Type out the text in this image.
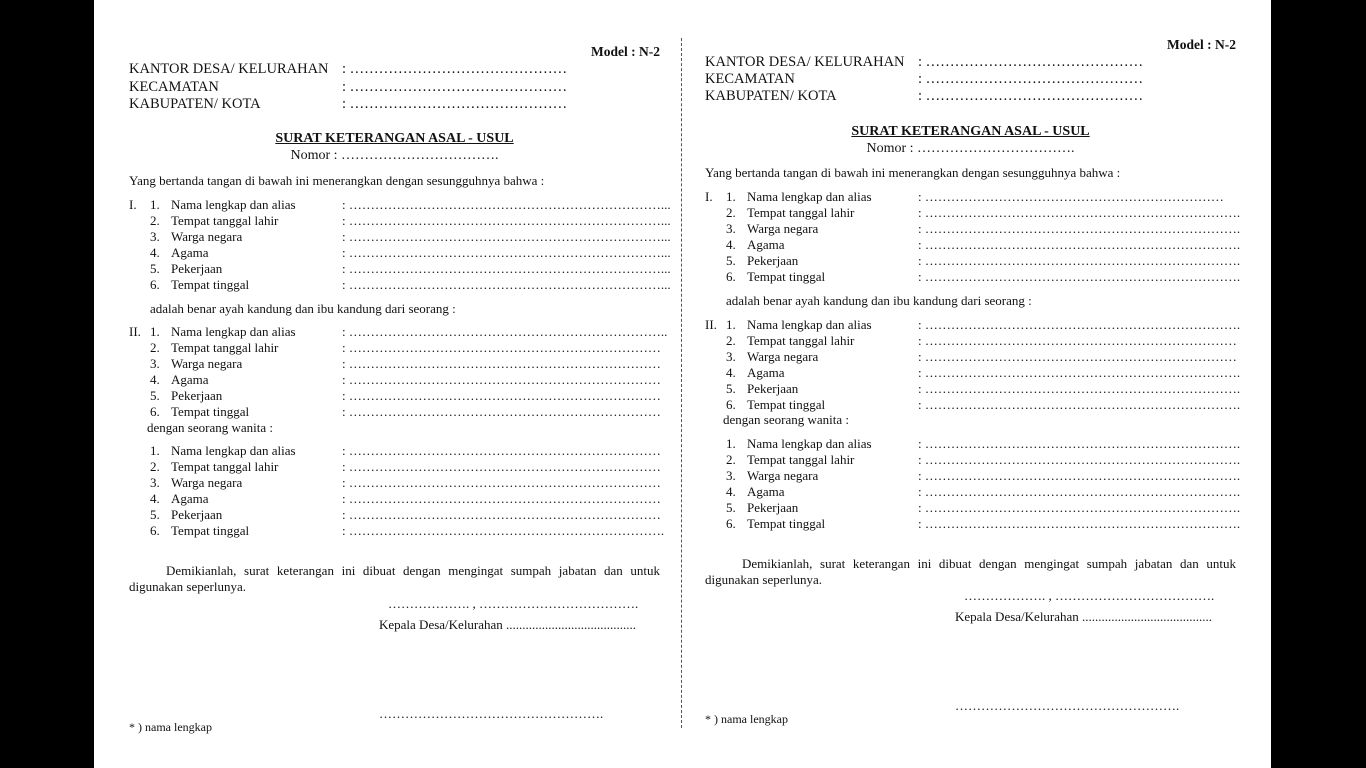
Model : N-2
KANTOR DESA/ KELURAHAN : ………………………………………
KECAMATAN	: ………………………………………
KABUPATEN/ KOTA	: ………………………………………
SURAT KETERANGAN ASAL - USUL
Nomor : …………………………….
Yang bertanda tangan di bawah ini menerangkan dengan sesungguhnya bahwa :
I. 1. Nama lengkap dan alias	: ………………………………………………………………...
2. Tempat tanggal lahir	: ………………………………………………………………...
3. Warga negara	: ………………………………………………………………...
4. Agama	: ………………………………………………………………...
5. Pekerjaan	: ………………………………………………………………...
6. Tempat tinggal	: ………………………………………………………………...
adalah benar ayah kandung dan ibu kandung dari seorang :
II. 1. Nama lengkap dan alias	: ………………………………………………………………..
2. Tempat tanggal lahir	: ………………………………………………………………
3. Warga negara	: ………………………………………………………………
4. Agama	: ………………………………………………………………
5. Pekerjaan	: ………………………………………………………………
6. Tempat tinggal	: ………………………………………………………………
dengan seorang wanita :
1. Nama lengkap dan alias	: ………………………………………………………………
2. Tempat tanggal lahir	: ………………………………………………………………
3. Warga negara	: ………………………………………………………………
4. Agama	: ………………………………………………………………
5. Pekerjaan	: ………………………………………………………………
6. Tempat tinggal	: ……………………………………………………………….
Demikianlah, surat keterangan ini dibuat dengan mengingat sumpah jabatan dan untuk digunakan seperlunya.
………………. , ……………………………….
Kepala Desa/Kelurahan ........................................
…………………………………………….
* ) nama lengkap
Model : N-2
KANTOR DESA/ KELURAHAN : ………………………………………
KECAMATAN	: ………………………………………
KABUPATEN/ KOTA	: ………………………………………
SURAT KETERANGAN ASAL - USUL
Nomor : …………………………….
Yang bertanda tangan di bawah ini menerangkan dengan sesungguhnya bahwa :
I. 1. Nama lengkap dan alias	: ……………………………………………………………
2. Tempat tanggal lahir	: ……………………………………………………………….
3. Warga negara	: ……………………………………………………………….
4. Agama	: ……………………………………………………………….
5. Pekerjaan	: ……………………………………………………………….
6. Tempat tinggal	: ……………………………………………………………….
adalah benar ayah kandung dan ibu kandung dari seorang :
II. 1. Nama lengkap dan alias	: ……………………………………………………………….
2. Tempat tanggal lahir	: ………………………………………………………………
3. Warga negara	: ………………………………………………………………
4. Agama	: ……………………………………………………………….
5. Pekerjaan	: ……………………………………………………………….
6. Tempat tinggal	: ……………………………………………………………….
dengan seorang wanita :
1. Nama lengkap dan alias	: ……………………………………………………………….
2. Tempat tanggal lahir	: ……………………………………………………………….
3. Warga negara	: ……………………………………………………………….
4. Agama	: ……………………………………………………………….
5. Pekerjaan	: ……………………………………………………………….
6. Tempat tinggal	: ……………………………………………………………….
Demikianlah, surat keterangan ini dibuat dengan mengingat sumpah jabatan dan untuk digunakan seperlunya.
………………. , ……………………………….
Kepala Desa/Kelurahan ........................................
…………………………………………….
* ) nama lengkap
